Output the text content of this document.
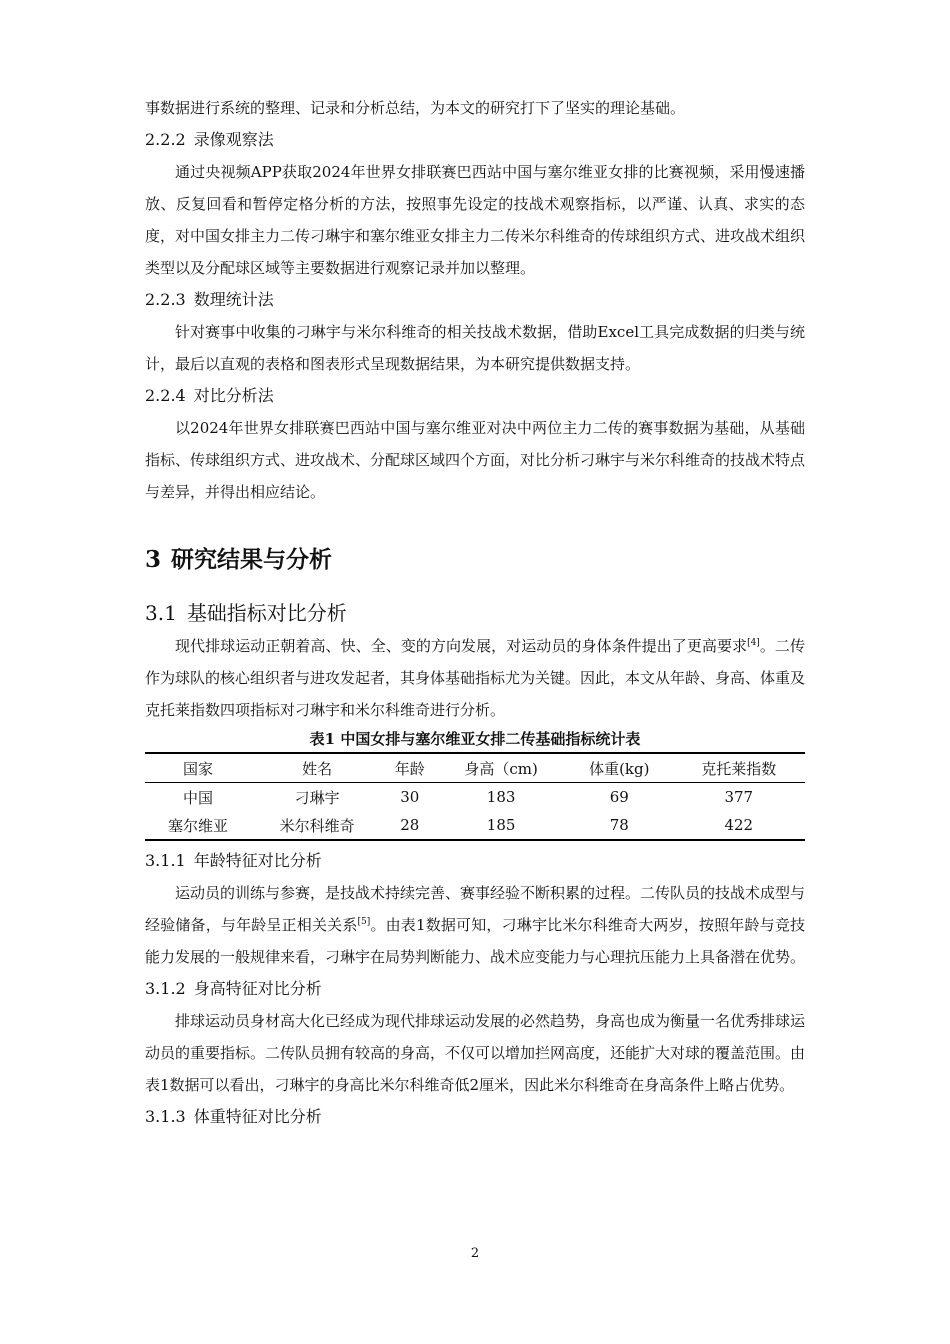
事数据进行系统的整理、记录和分析总结，为本文的研究打下了坚实的理论基础。

2.2.2 录像观察法

通过央视频APP获取2024年世界女排联赛巴西站中国与塞尔维亚女排的比赛视频，采用慢速播放、反复回看和暂停定格分析的方法，按照事先设定的技战术观察指标，以严谨、认真、求实的态度，对中国女排主力二传刁琳宇和塞尔维亚女排主力二传米尔科维奇的传球组织方式、进攻战术组织类型以及分配球区域等主要数据进行观察记录并加以整理。

2.2.3 数理统计法

针对赛事中收集的刁琳宇与米尔科维奇的相关技战术数据，借助Excel工具完成数据的归类与统计，最后以直观的表格和图表形式呈现数据结果，为本研究提供数据支持。

2.2.4 对比分析法

以2024年世界女排联赛巴西站中国与塞尔维亚对决中两位主力二传的赛事数据为基础，从基础指标、传球组织方式、进攻战术、分配球区域四个方面，对比分析刁琳宇与米尔科维奇的技战术特点与差异，并得出相应结论。

3 研究结果与分析
3.1 基础指标对比分析

现代排球运动正朝着高、快、全、变的方向发展，对运动员的身体条件提出了更高要求[4]。二传作为球队的核心组织者与进攻发起者，其身体基础指标尤为关键。因此，本文从年龄、身高、体重及克托莱指数四项指标对刁琳宇和米尔科维奇进行分析。

表1 中国女排与塞尔维亚女排二传基础指标统计表
国家	姓名	年龄	身高（cm)	体重(kg)	克托莱指数
中国	刁琳宇	30	183	69	377
塞尔维亚	米尔科维奇	28	185	78	422
3.1.1 年龄特征对比分析

运动员的训练与参赛，是技战术持续完善、赛事经验不断积累的过程。二传队员的技战术成型与经验储备，与年龄呈正相关关系[5]。由表1数据可知，刁琳宇比米尔科维奇大两岁，按照年龄与竞技能力发展的一般规律来看，刁琳宇在局势判断能力、战术应变能力与心理抗压能力上具备潜在优势。

3.1.2 身高特征对比分析

排球运动员身材高大化已经成为现代排球运动发展的必然趋势，身高也成为衡量一名优秀排球运动员的重要指标。二传队员拥有较高的身高，不仅可以增加拦网高度，还能扩大对球的覆盖范围。由表1数据可以看出，刁琳宇的身高比米尔科维奇低2厘米，因此米尔科维奇在身高条件上略占优势。

3.1.3 体重特征对比分析
2
